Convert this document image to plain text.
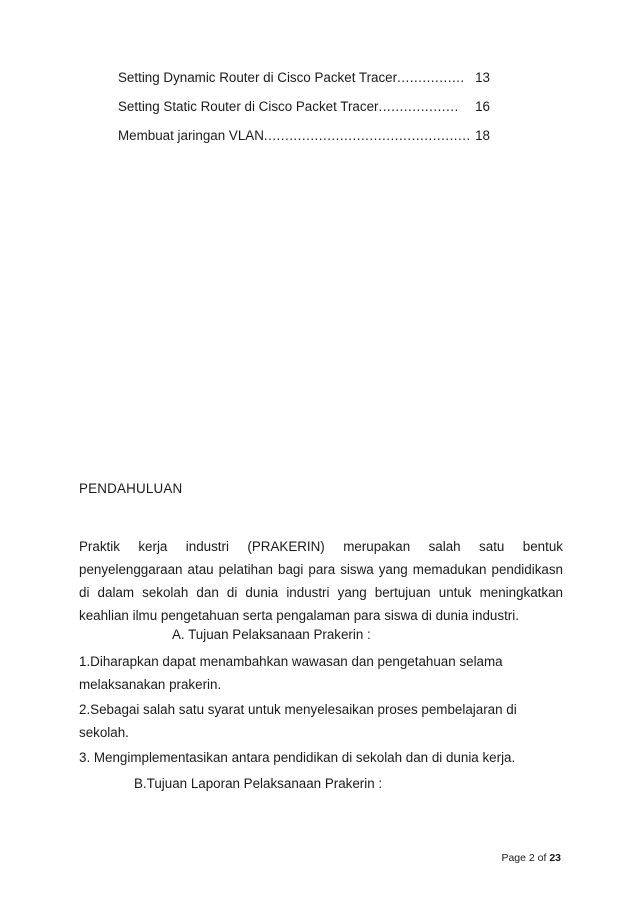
Setting Dynamic Router di Cisco Packet Tracer ................ 13
Setting Static Router di Cisco Packet Tracer ...................	16
Membuat jaringan VLAN ................................................. 18
PENDAHULUAN
Praktik kerja industri (PRAKERIN) merupakan salah satu bentuk
penyelenggaraan atau pelatihan bagi para siswa yang memadukan pendidikasn di dalam sekolah dan di dunia industri yang bertujuan untuk meningkatkan keahlian ilmu pengetahuan serta pengalaman para siswa di dunia industri.
A. Tujuan Pelaksanaan Prakerin :
1.Diharapkan dapat menambahkan wawasan dan pengetahuan selama melaksanakan prakerin.
2.Sebagai salah satu syarat untuk menyelesaikan proses pembelajaran di sekolah.
3. Mengimplementasikan antara pendidikan di sekolah dan di dunia kerja.
B.Tujuan Laporan Pelaksanaan Prakerin :
Page 2 of 23
